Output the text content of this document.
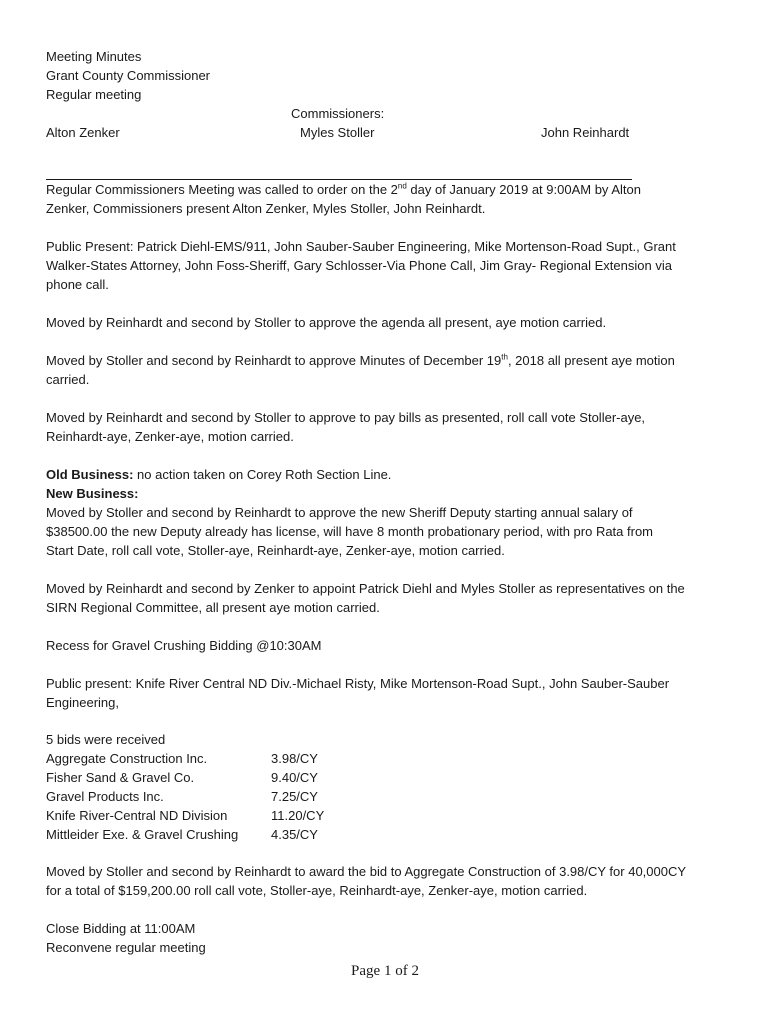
Meeting Minutes
Grant County Commissioner
Regular meeting
Commissioners:
Alton Zenker	Myles Stoller	John Reinhardt
Regular Commissioners Meeting was called to order on the 2nd day of January 2019 at 9:00AM by Alton
Zenker, Commissioners present Alton Zenker, Myles Stoller, John Reinhardt.
Public Present: Patrick Diehl-EMS/911, John Sauber-Sauber Engineering, Mike Mortenson-Road Supt., Grant
Walker-States Attorney, John Foss-Sheriff, Gary Schlosser-Via Phone Call, Jim Gray- Regional Extension via
phone call.
Moved by Reinhardt and second by Stoller to approve the agenda all present, aye motion carried.
Moved by Stoller and second by Reinhardt to approve Minutes of December 19th, 2018 all present aye motion
carried.
Moved by Reinhardt and second by Stoller to approve to pay bills as presented, roll call vote Stoller-aye,
Reinhardt-aye, Zenker-aye, motion carried.
Old Business: no action taken on Corey Roth Section Line.
New Business:
Moved by Stoller and second by Reinhardt to approve the new Sheriff Deputy starting annual salary of
$38500.00 the new Deputy already has license, will have 8 month probationary period, with pro Rata from
Start Date, roll call vote, Stoller-aye, Reinhardt-aye, Zenker-aye, motion carried.
Moved by Reinhardt and second by Zenker to appoint Patrick Diehl and Myles Stoller as representatives on the
SIRN Regional Committee, all present aye motion carried.
Recess for Gravel Crushing Bidding @10:30AM
Public present: Knife River Central ND Div.-Michael Risty, Mike Mortenson-Road Supt., John Sauber-Sauber
Engineering,
5 bids were received
Aggregate Construction Inc.	3.98/CY
Fisher Sand & Gravel Co.	9.40/CY
Gravel Products Inc.	7.25/CY
Knife River-Central ND Division	11.20/CY
Mittleider Exe. & Gravel Crushing	4.35/CY
Moved by Stoller and second by Reinhardt to award the bid to Aggregate Construction of 3.98/CY for 40,000CY
for a total of $159,200.00 roll call vote, Stoller-aye, Reinhardt-aye, Zenker-aye, motion carried.
Close Bidding at 11:00AM
Reconvene regular meeting
Page 1 of 2
